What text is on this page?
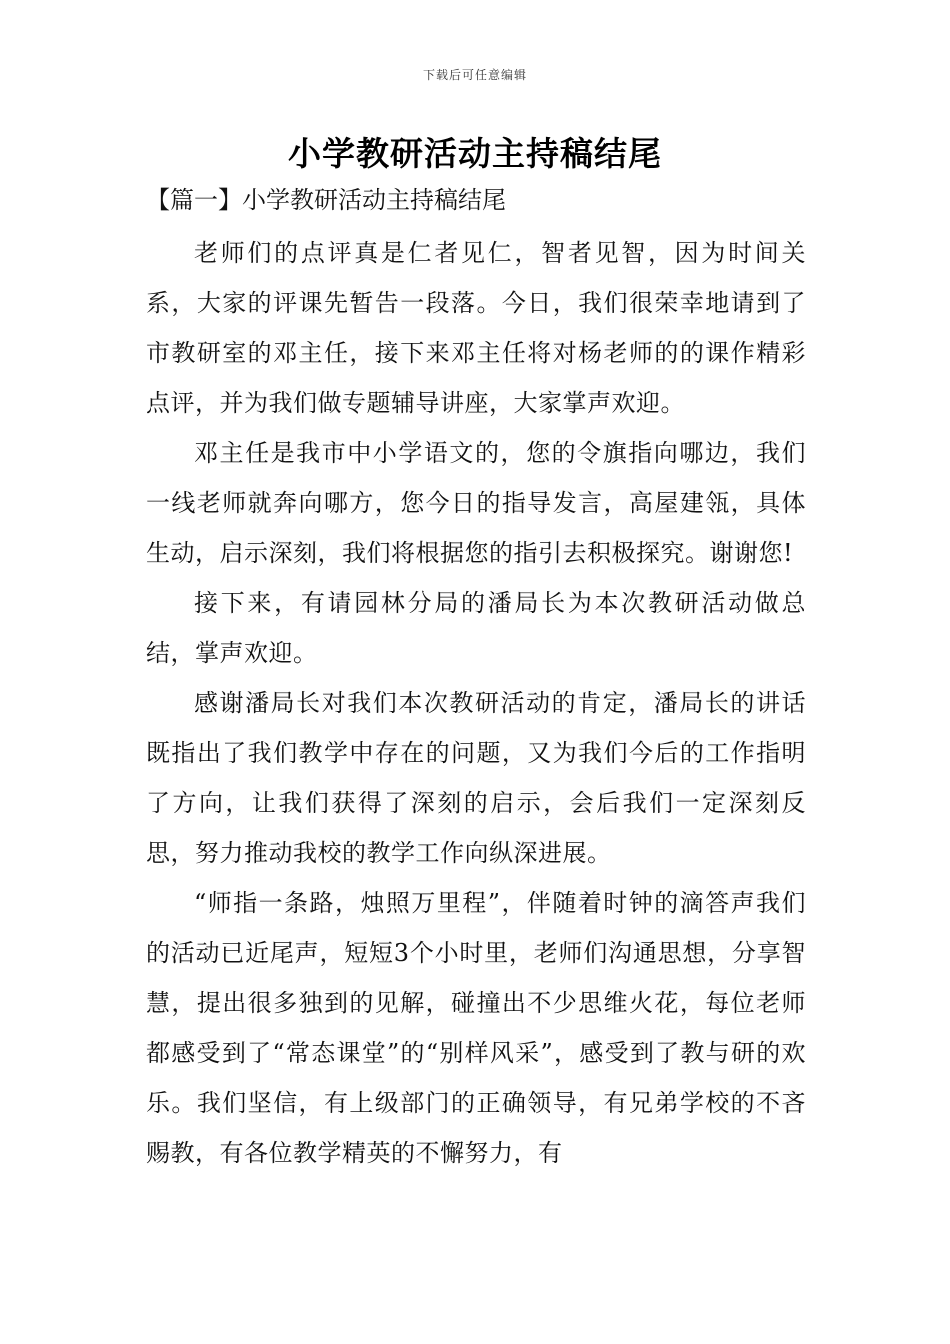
下载后可任意编辑
小学教研活动主持稿结尾
【篇一】小学教研活动主持稿结尾

老师们的点评真是仁者见仁，智者见智，因为时间关系，大家的评课先暂告一段落。今日，我们很荣幸地请到了市教研室的邓主任，接下来邓主任将对杨老师的的课作精彩点评，并为我们做专题辅导讲座，大家掌声欢迎。

邓主任是我市中小学语文的，您的令旗指向哪边，我们一线老师就奔向哪方，您今日的指导发言，高屋建瓴，具体生动，启示深刻，我们将根据您的指引去积极探究。谢谢您!

接下来，有请园林分局的潘局长为本次教研活动做总结，掌声欢迎。

感谢潘局长对我们本次教研活动的肯定，潘局长的讲话既指出了我们教学中存在的问题，又为我们今后的工作指明了方向，让我们获得了深刻的启示，会后我们一定深刻反思，努力推动我校的教学工作向纵深进展。

“师指一条路，烛照万里程”，伴随着时钟的滴答声我们的活动已近尾声，短短3个小时里，老师们沟通思想，分享智慧，提出很多独到的见解，碰撞出不少思维火花，每位老师都感受到了“常态课堂”的“别样风采”，感受到了教与研的欢乐。我们坚信，有上级部门的正确领导，有兄弟学校的不吝赐教，有各位教学精英的不懈努力，有
